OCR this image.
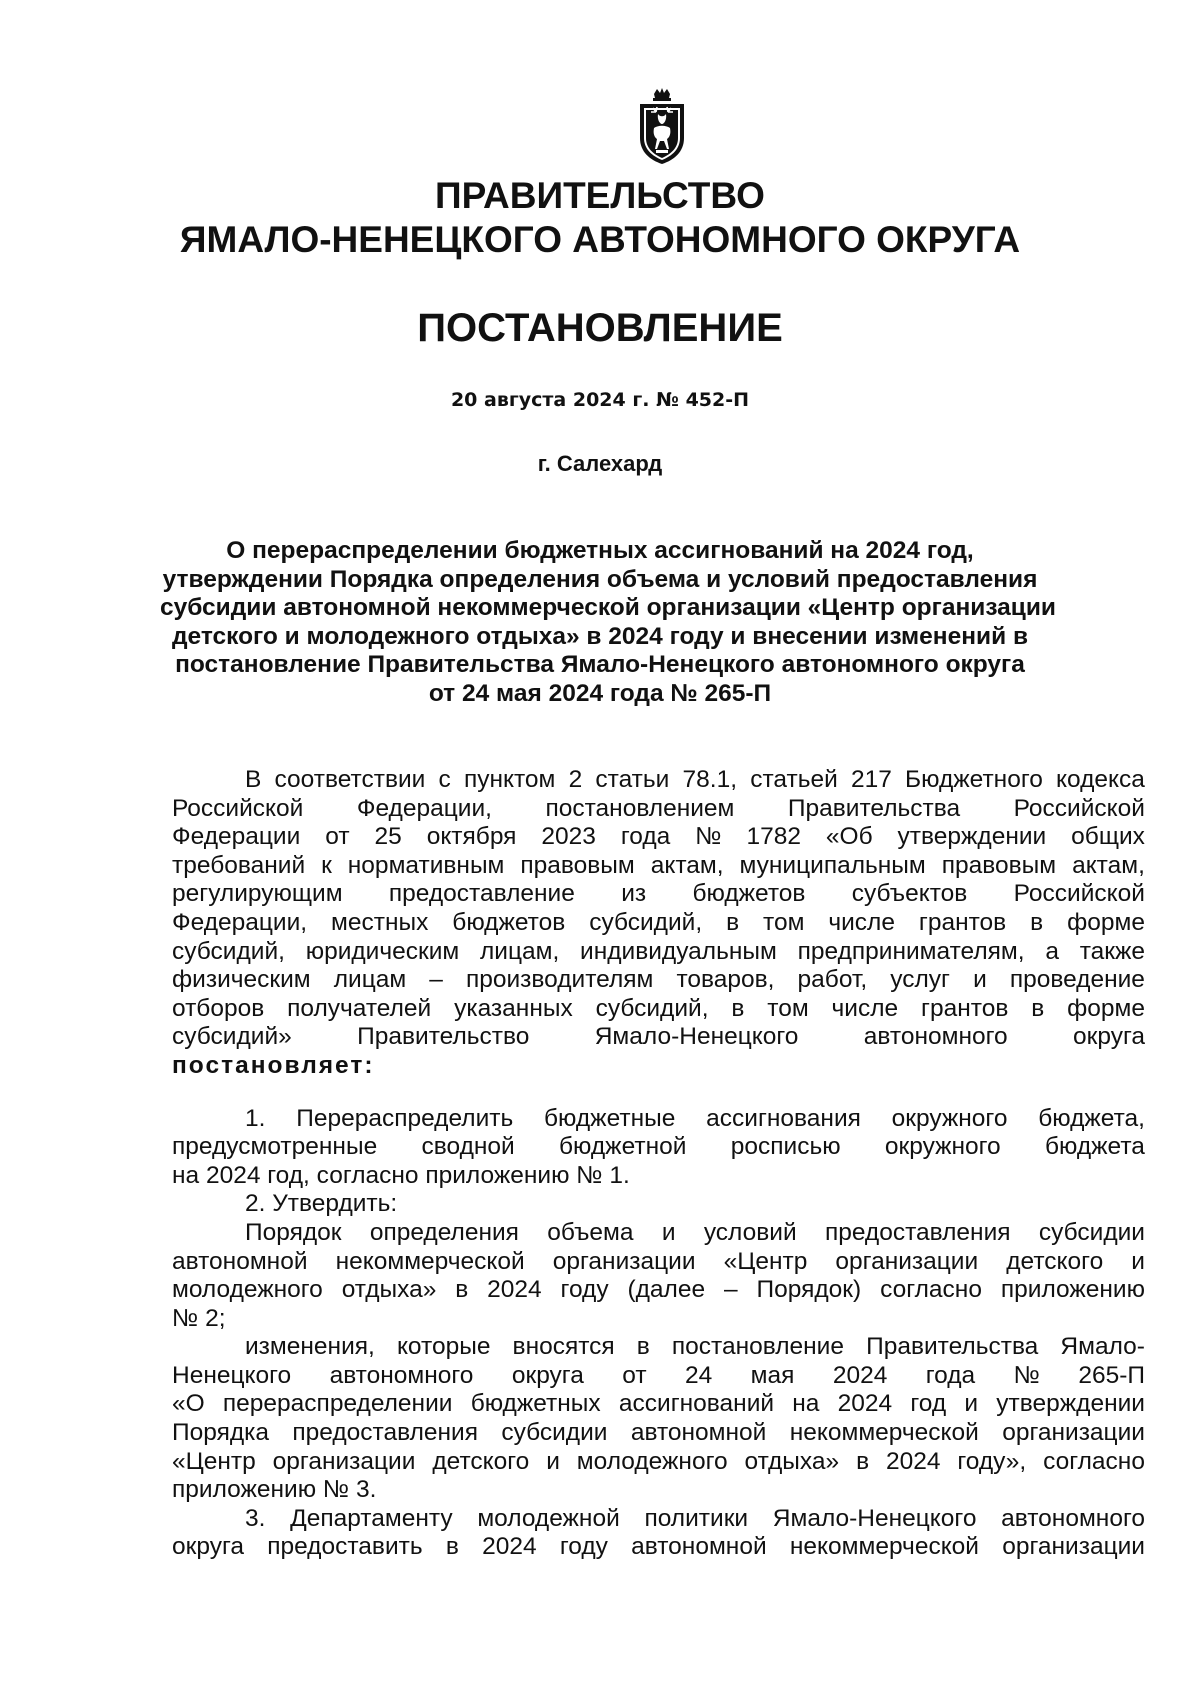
ПРАВИТЕЛЬСТВО
ЯМАЛО-НЕНЕЦКОГО АВТОНОМНОГО ОКРУГА
ПОСТАНОВЛЕНИЕ
20 августа 2024 г. № 452-П
г. Салехард
О перераспределении бюджетных ассигнований на 2024 год,
утверждении Порядка определения объема и условий предоставления
субсидии автономной некоммерческой организации «Центр организации
детского и молодежного отдыха» в 2024 году и внесении изменений в
постановление Правительства Ямало-Ненецкого автономного округа
от 24 мая 2024 года № 265-П
В соответствии с пунктом 2 статьи 78.1, статьей 217 Бюджетного кодекса
Российской Федерации, постановлением Правительства Российской
Федерации от 25 октября 2023 года № 1782 «Об утверждении общих
требований к нормативным правовым актам, муниципальным правовым актам,
регулирующим предоставление из бюджетов субъектов Российской
Федерации, местных бюджетов субсидий, в том числе грантов в форме
субсидий, юридическим лицам, индивидуальным предпринимателям, а также
физическим лицам – производителям товаров, работ, услуг и проведение
отборов получателей указанных субсидий, в том числе грантов в форме
субсидий»	Правительство	Ямало-Ненецкого	автономного	округа
постановляет:
1. Перераспределить бюджетные ассигнования окружного бюджета,
предусмотренные сводной бюджетной росписью окружного бюджета
на 2024 год, согласно приложению № 1.
2. Утвердить:
Порядок определения объема и условий предоставления субсидии
автономной некоммерческой организации «Центр организации детского и
молодежного отдыха» в 2024 году (далее – Порядок) согласно приложению
№ 2;
изменения, которые вносятся в постановление Правительства Ямало-
Ненецкого автономного округа от 24 мая 2024 года № 265-П
«О перераспределении бюджетных ассигнований на 2024 год и утверждении
Порядка предоставления субсидии автономной некоммерческой организации
«Центр организации детского и молодежного отдыха» в 2024 году», согласно
приложению № 3.
3. Департаменту молодежной политики Ямало-Ненецкого автономного
округа предоставить в 2024 году автономной некоммерческой организации
